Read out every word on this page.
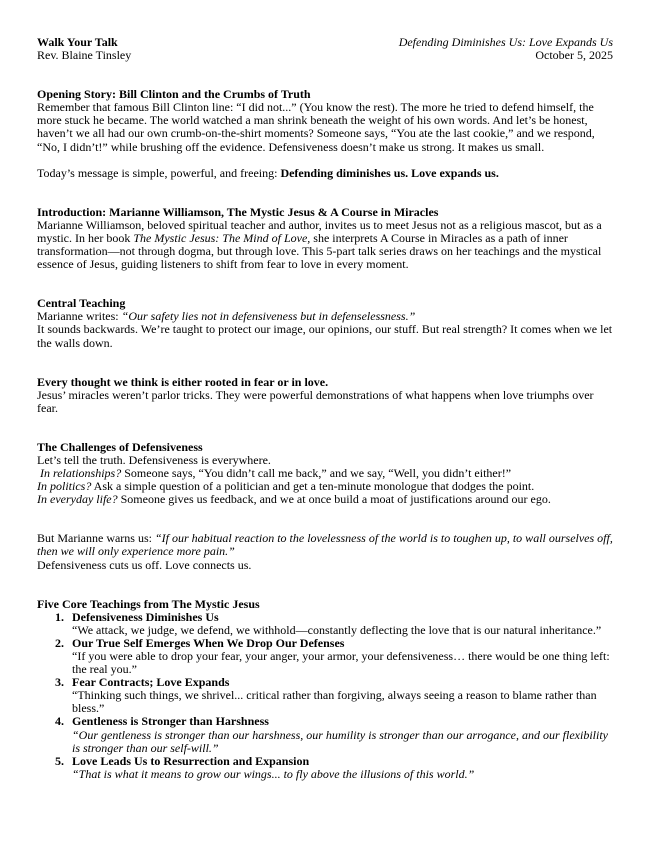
Walk Your Talk
Rev. Blaine Tinsley
Defending Diminishes Us: Love Expands Us
October 5, 2025
Opening Story: Bill Clinton and the Crumbs of Truth

Remember that famous Bill Clinton line: “I did not...” (You know the rest). The more he tried to defend himself, the more stuck he became. The world watched a man shrink beneath the weight of his own words. And let’s be honest, haven’t we all had our own crumb-on-the-shirt moments? Someone says, “You ate the last cookie,” and we respond, “No, I didn’t!” while brushing off the evidence. Defensiveness doesn’t make us strong. It makes us small.

Today’s message is simple, powerful, and freeing: Defending diminishes us. Love expands us.

Introduction: Marianne Williamson, The Mystic Jesus & A Course in Miracles

Marianne Williamson, beloved spiritual teacher and author, invites us to meet Jesus not as a religious mascot, but as a mystic. In her book The Mystic Jesus: The Mind of Love, she interprets A Course in Miracles as a path of inner transformation—not through dogma, but through love. This 5-part talk series draws on her teachings and the mystical essence of Jesus, guiding listeners to shift from fear to love in every moment.

Central Teaching

Marianne writes: “Our safety lies not in defensiveness but in defenselessness.”

It sounds backwards. We’re taught to protect our image, our opinions, our stuff. But real strength? It comes when we let the walls down.

Every thought we think is either rooted in fear or in love.

Jesus’ miracles weren’t parlor tricks. They were powerful demonstrations of what happens when love triumphs over fear.

The Challenges of Defensiveness

Let’s tell the truth. Defensiveness is everywhere.

In relationships? Someone says, “You didn’t call me back,” and we say, “Well, you didn’t either!”

In politics? Ask a simple question of a politician and get a ten-minute monologue that dodges the point.

In everyday life? Someone gives us feedback, and we at once build a moat of justifications around our ego.

But Marianne warns us: “If our habitual reaction to the lovelessness of the world is to toughen up, to wall ourselves off, then we will only experience more pain.”

Defensiveness cuts us off. Love connects us.

Five Core Teachings from The Mystic Jesus
1. Defensiveness Diminishes Us
“We attack, we judge, we defend, we withhold—constantly deflecting the love that is our natural inheritance.”
2. Our True Self Emerges When We Drop Our Defenses
“If you were able to drop your fear, your anger, your armor, your defensiveness… there would be one thing left: the real you.”
3. Fear Contracts; Love Expands
“Thinking such things, we shrivel... critical rather than forgiving, always seeing a reason to blame rather than bless.”
4. Gentleness is Stronger than Harshness
“Our gentleness is stronger than our harshness, our humility is stronger than our arrogance, and our flexibility is stronger than our self-will.”
5. Love Leads Us to Resurrection and Expansion
“That is what it means to grow our wings... to fly above the illusions of this world.”
